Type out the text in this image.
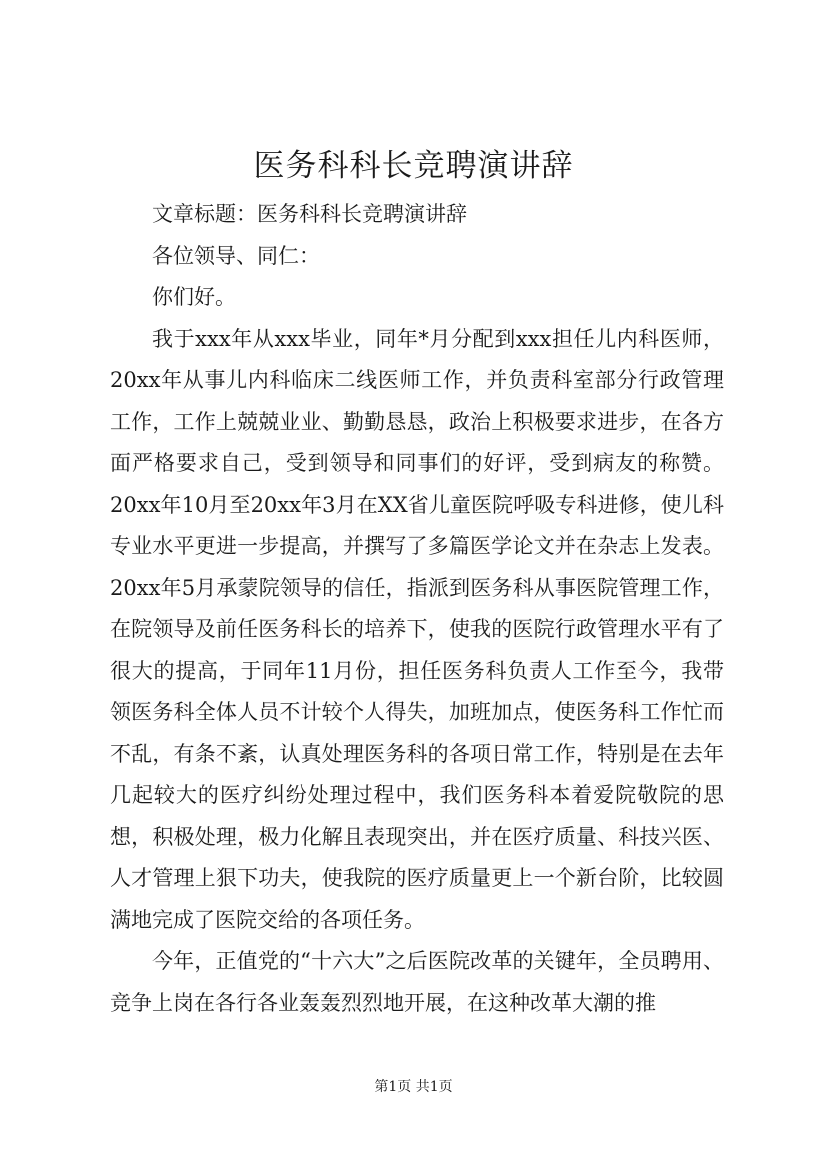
医务科科长竞聘演讲辞

文章标题：医务科科长竞聘演讲辞

各位领导、同仁：

你们好。

我于xxx年从xxx毕业，同年*月分配到xxx担任儿内科医师，20xx年从事儿内科临床二线医师工作，并负责科室部分行政管理工作，工作上兢兢业业、勤勤恳恳，政治上积极要求进步，在各方面严格要求自己，受到领导和同事们的好评，受到病友的称赞。20xx年10月至20xx年3月在XX省儿童医院呼吸专科进修，使儿科专业水平更进一步提高，并撰写了多篇医学论文并在杂志上发表。20xx年5月承蒙院领导的信任，指派到医务科从事医院管理工作，在院领导及前任医务科长的培养下，使我的医院行政管理水平有了很大的提高，于同年11月份，担任医务科负责人工作至今，我带领医务科全体人员不计较个人得失，加班加点，使医务科工作忙而不乱，有条不紊，认真处理医务科的各项日常工作，特别是在去年几起较大的医疗纠纷处理过程中，我们医务科本着爱院敬院的思想，积极处理，极力化解且表现突出，并在医疗质量、科技兴医、人才管理上狠下功夫，使我院的医疗质量更上一个新台阶，比较圆满地完成了医院交给的各项任务。

今年，正值党的“十六大”之后医院改革的关键年，全员聘用、竞争上岗在各行各业轰轰烈烈地开展，在这种改革大潮的推

第1页 共1页
